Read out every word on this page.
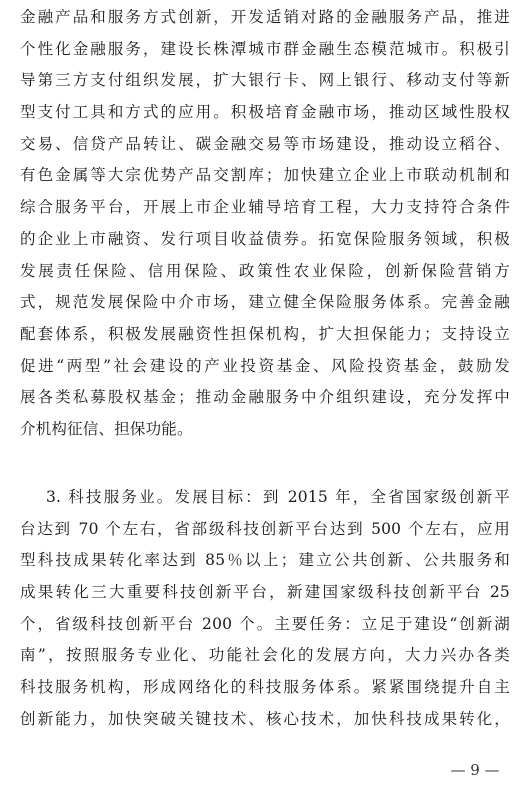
金融产品和服务方式创新，开发适销对路的金融服务产品，推进
个性化金融服务，建设长株潭城市群金融生态模范城市。积极引
导第三方支付组织发展，扩大银行卡、网上银行、移动支付等新
型支付工具和方式的应用。积极培育金融市场，推动区域性股权
交易、信贷产品转让、碳金融交易等市场建设，推动设立稻谷、
有色金属等大宗优势产品交割库；加快建立企业上市联动机制和
综合服务平台，开展上市企业辅导培育工程，大力支持符合条件
的企业上市融资、发行项目收益债券。拓宽保险服务领域，积极
发展责任保险、信用保险、政策性农业保险，创新保险营销方
式，规范发展保险中介市场，建立健全保险服务体系。完善金融
配套体系，积极发展融资性担保机构，扩大担保能力；支持设立
促进“两型”社会建设的产业投资基金、风险投资基金，鼓励发
展各类私募股权基金；推动金融服务中介组织建设，充分发挥中
介机构征信、担保功能。
3. 科技服务业。发展目标：到 2015 年，全省国家级创新平
台达到 70 个左右，省部级科技创新平台达到 500 个左右，应用
型科技成果转化率达到 85％以上；建立公共创新、公共服务和
成果转化三大重要科技创新平台，新建国家级科技创新平台 25
个，省级科技创新平台 200 个。主要任务：立足于建设“创新湖
南”，按照服务专业化、功能社会化的发展方向，大力兴办各类
科技服务机构，形成网络化的科技服务体系。紧紧围绕提升自主
创新能力，加快突破关键技术、核心技术，加快科技成果转化，
— 9 —
